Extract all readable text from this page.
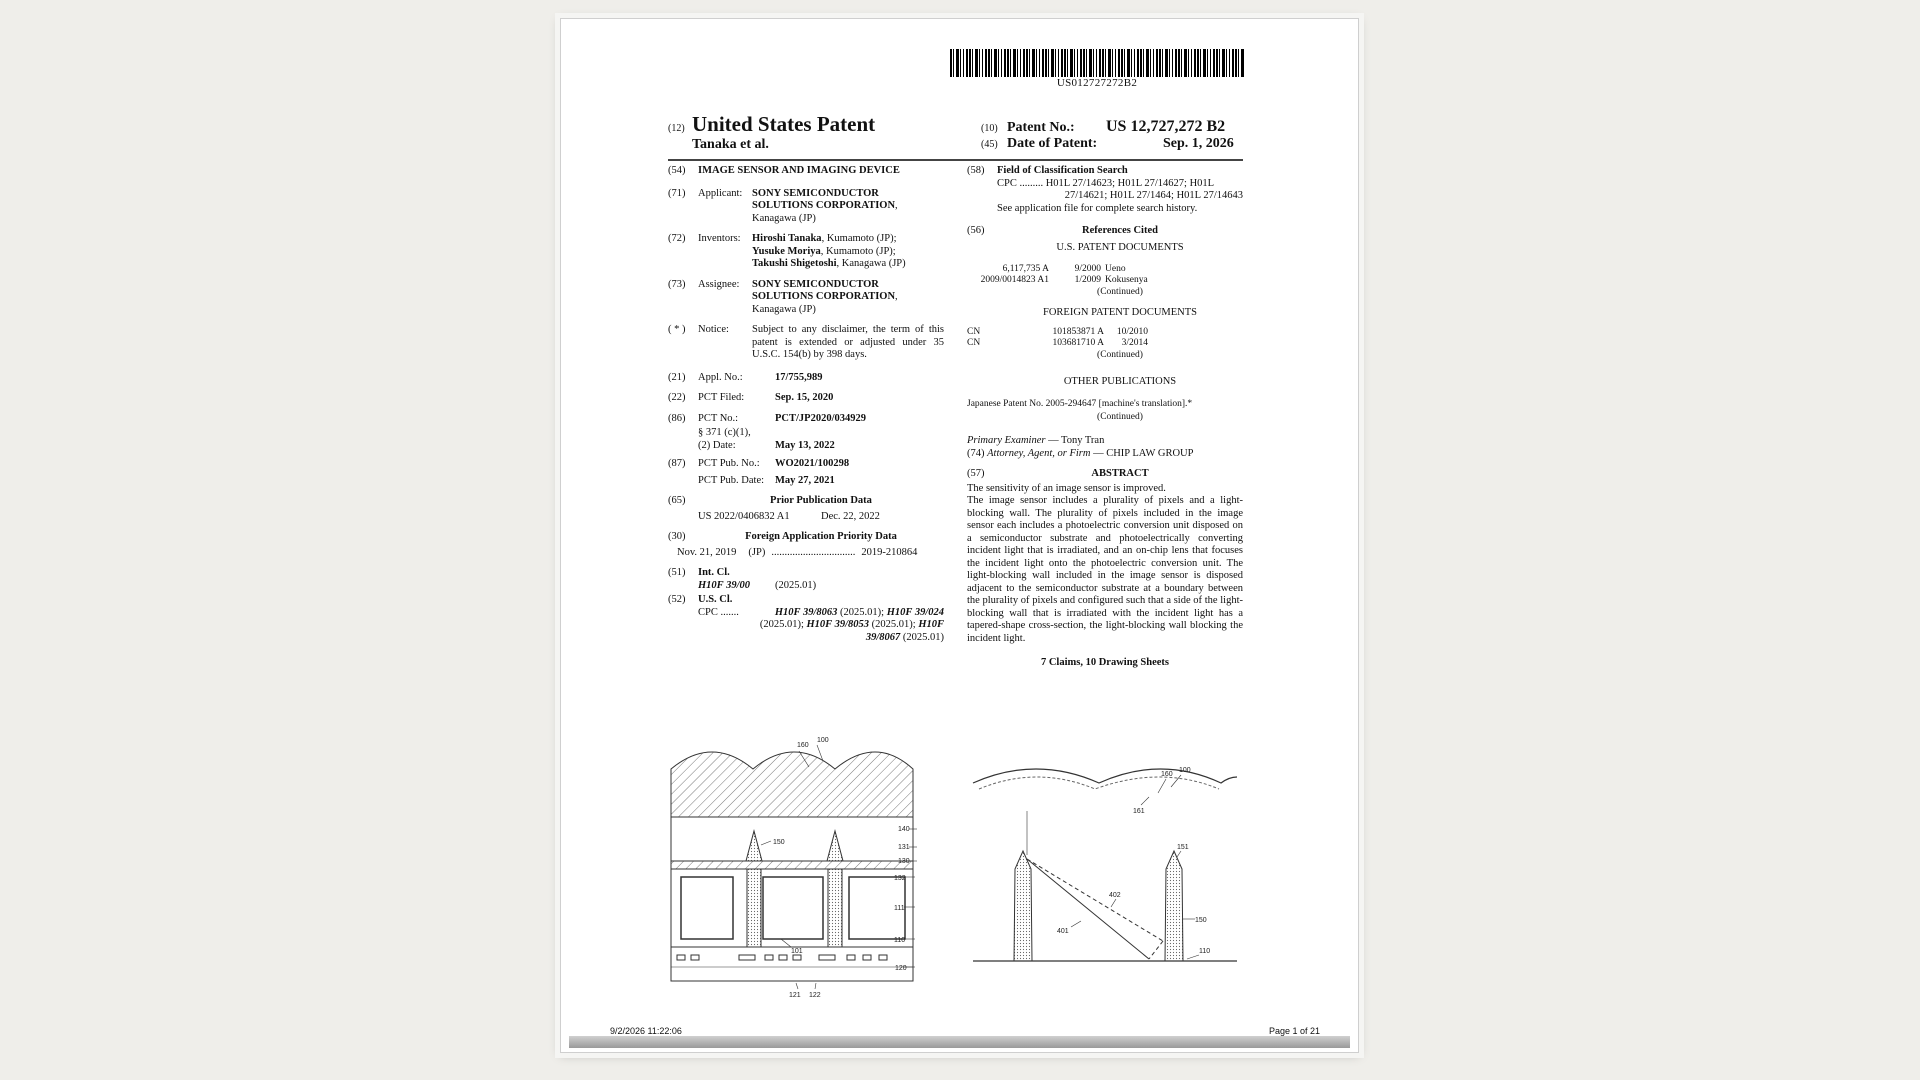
US012727272B2
(12) United States Patent
Tanaka et al.
(10) Patent No.: US 12,727,272 B2
(45) Date of Patent:	Sep. 1, 2026
(54)	IMAGE SENSOR AND IMAGING DEVICE
(71)	Applicant: SONY SEMICONDUCTOR
SOLUTIONS CORPORATION,
Kanagawa (JP)
(72)	Inventors:	Hiroshi Tanaka, Kumamoto (JP);
Yusuke Moriya, Kumamoto (JP);
Takushi Shigetoshi, Kanagawa (JP)
(73)	Assignee:	SONY SEMICONDUCTOR
SOLUTIONS CORPORATION,
Kanagawa (JP)
( * )	Notice:	Subject to any disclaimer, the term of this patent is extended or adjusted under 35 U.S.C. 154(b) by 398 days.
(21)	Appl. No.:	17/755,989
(22)	PCT Filed:	Sep. 15, 2020
(86)	PCT No.:	PCT/JP2020/034929
§ 371 (c)(1),
(2) Date:	May 13, 2022
(87)	PCT Pub. No.:	WO2021/100298
PCT Pub. Date:	May 27, 2021
(65)	Prior Publication Data
US 2022/0406832 A1	Dec. 22, 2022
(30)	Foreign Application Priority Data
Nov. 21, 2019 (JP) ................................ 2019-210864
(51)	Int. Cl.
H10F 39/00 (2025.01)
(52)	U.S. Cl.
CPC .......	H10F 39/8063 (2025.01); H10F 39/024
(2025.01); H10F 39/8053 (2025.01); H10F
39/8067 (2025.01)
(58)	Field of Classification Search
CPC ......... H01L 27/14623; H01L 27/14627; H01L
27/14621; H01L 27/1464; H01L 27/14643
See application file for complete search history.
(56)	References Cited
U.S. PATENT DOCUMENTS
6,117,735 A	9/2000 Ueno
2009/0014823 A1	1/2009 Kokusenya
(Continued)
FOREIGN PATENT DOCUMENTS
CN	101853871 A	10/2010
CN	103681710 A	3/2014
(Continued)
OTHER PUBLICATIONS
Japanese Patent No. 2005-294647 [machine's translation].*
(Continued)
Primary Examiner — Tony Tran
(74) Attorney, Agent, or Firm — CHIP LAW GROUP
(57)	ABSTRACT
The sensitivity of an image sensor is improved.
The image sensor includes a plurality of pixels and a light-blocking wall. The plurality of pixels included in the image sensor each includes a photoelectric conversion unit disposed on a semiconductor substrate and photoelectrically converting incident light that is irradiated, and an on-chip lens that focuses the incident light onto the photoelectric conversion unit. The light-blocking wall included in the image sensor is disposed adjacent to the semiconductor substrate at a boundary between the plurality of pixels and configured such that a side of the light-blocking wall that is irradiated with the incident light has a tapered-shape cross-section, the light-blocking wall blocking the incident light.
7 Claims, 10 Drawing Sheets
160
100
150
140
131
130
132
111
110
120
101
121 122
160
100
161
151
402
401
150
110
9/2/2026 11:22:06	Page 1 of 21
